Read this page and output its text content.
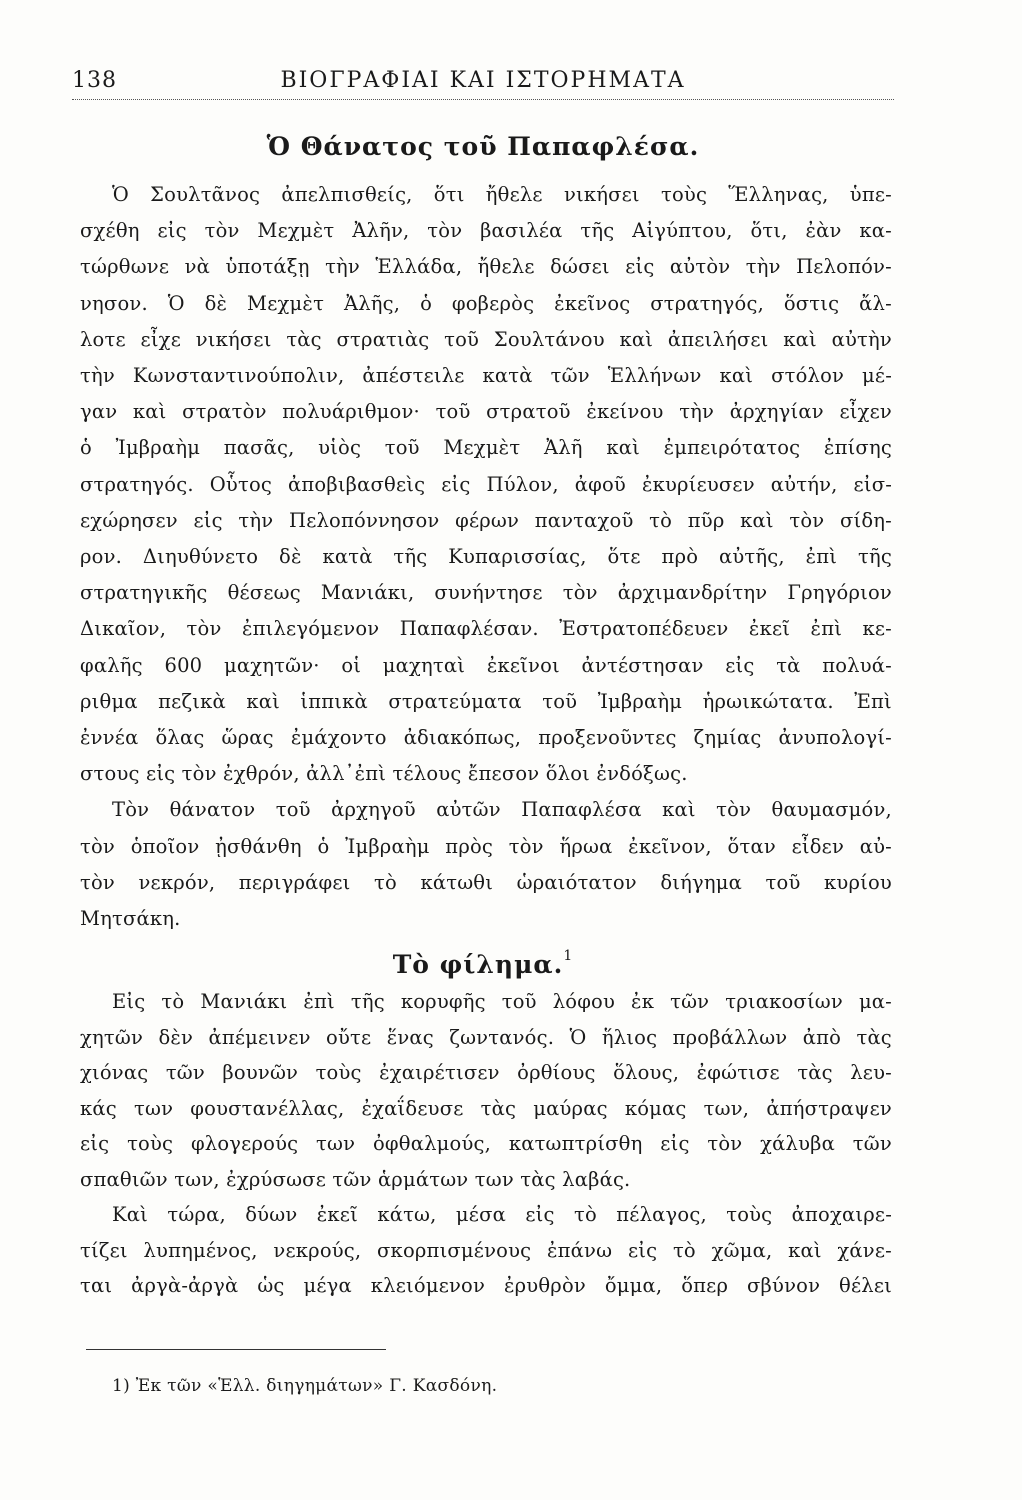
138	ΒΙΟΓΡΑΦΙΑΙ ΚΑΙ ΙΣΤΟΡΗΜΑΤΑ
Ὁ Θάνατος τοῦ Παπαφλέσα.
Ὁ Σουλτᾶνος ἀπελπισθείς, ὅτι ἤθελε νικήσει τοὺς Ἕλληνας, ὑπε-
σχέθη εἰς τὸν Μεχμὲτ Ἀλῆν, τὸν βασιλέα τῆς Αἰγύπτου, ὅτι, ἐὰν κα-
τώρθωνε νὰ ὑποτάξῃ τὴν Ἑλλάδα, ἤθελε δώσει εἰς αὐτὸν τὴν Πελοπόν-
νησον. Ὁ δὲ Μεχμὲτ Ἀλῆς, ὁ φοβερὸς ἐκεῖνος στρατηγός, ὅστις ἄλ-
λοτε εἶχε νικήσει τὰς στρατιὰς τοῦ Σουλτάνου καὶ ἀπειλήσει καὶ αὐτὴν
τὴν Κωνσταντινούπολιν, ἀπέστειλε κατὰ τῶν Ἑλλήνων καὶ στόλον μέ-
γαν καὶ στρατὸν πολυάριθμον· τοῦ στρατοῦ ἐκείνου τὴν ἀρχηγίαν εἶχεν
ὁ Ἰμβραὴμ πασᾶς, υἱὸς τοῦ Μεχμὲτ Ἀλῆ καὶ ἐμπειρότατος ἐπίσης
στρατηγός. Οὗτος ἀποβιβασθεὶς εἰς Πύλον, ἀφοῦ ἐκυρίευσεν αὐτήν, εἰσ-
εχώρησεν εἰς τὴν Πελοπόννησον φέρων πανταχοῦ τὸ πῦρ καὶ τὸν σίδη-
ρον. Διηυθύνετο δὲ κατὰ τῆς Κυπαρισσίας, ὅτε πρὸ αὐτῆς, ἐπὶ τῆς
στρατηγικῆς θέσεως Μανιάκι, συνήντησε τὸν ἀρχιμανδρίτην Γρηγόριον
Δικαῖον, τὸν ἐπιλεγόμενον Παπαφλέσαν. Ἐστρατοπέδευεν ἐκεῖ ἐπὶ κε-
φαλῆς 600 μαχητῶν· οἱ μαχηταὶ ἐκεῖνοι ἀντέστησαν εἰς τὰ πολυά-
ριθμα πεζικὰ καὶ ἱππικὰ στρατεύματα τοῦ Ἰμβραὴμ ἡρωικώτατα. Ἐπὶ
ἐννέα ὅλας ὥρας ἐμάχοντο ἀδιακόπως, προξενοῦντες ζημίας ἀνυπολογί-
στους εἰς τὸν ἐχθρόν, ἀλλ᾽ἐπὶ τέλους ἔπεσον ὅλοι ἐνδόξως.
Τὸν θάνατον τοῦ ἀρχηγοῦ αὐτῶν Παπαφλέσα καὶ τὸν θαυμασμόν,
τὸν ὁποῖον ᾐσθάνθη ὁ Ἰμβραὴμ πρὸς τὸν ἥρωα ἐκεῖνον, ὅταν εἶδεν αὐ-
τὸν νεκρόν, περιγράφει τὸ κάτωθι ὡραιότατον διήγημα τοῦ κυρίου
Μητσάκη.
Τὸ φίλημα.$^1$
Εἰς τὸ Μανιάκι ἐπὶ τῆς κορυφῆς τοῦ λόφου ἐκ τῶν τριακοσίων μα-
χητῶν δὲν ἀπέμεινεν οὔτε ἕνας ζωντανός. Ὁ ἥλιος προβάλλων ἀπὸ τὰς
χιόνας τῶν βουνῶν τοὺς ἐχαιρέτισεν ὀρθίους ὅλους, ἐφώτισε τὰς λευ-
κάς των φουστανέλλας, ἐχαΐδευσε τὰς μαύρας κόμας των, ἀπήστραψεν
εἰς τοὺς φλογερούς των ὀφθαλμούς, κατωπτρίσθη εἰς τὸν χάλυβα τῶν
σπαθιῶν των, ἐχρύσωσε τῶν ἁρμάτων των τὰς λαβάς.
Καὶ τώρα, δύων ἐκεῖ κάτω, μέσα εἰς τὸ πέλαγος, τοὺς ἀποχαιρε-
τίζει λυπημένος, νεκρούς, σκορπισμένους ἐπάνω εἰς τὸ χῶμα, καὶ χάνε-
ται ἀργὰ-ἀργὰ ὡς μέγα κλειόμενον ἐρυθρὸν ὄμμα, ὅπερ σβύνον θέλει
1) Ἐκ τῶν «Ἑλλ. διηγημάτων» Γ. Κασδόνη.
